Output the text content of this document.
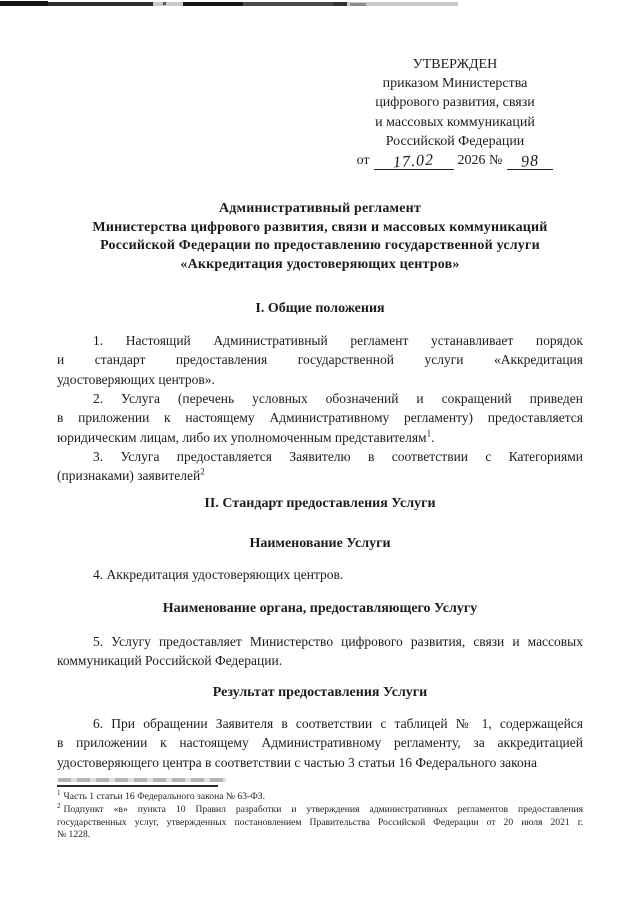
УТВЕРЖДЕН
приказом Министерства
цифрового развития, связи
и массовых коммуникаций
Российской Федерации
от 17.02 2026 № 98
Административный регламент
Министерства цифрового развития, связи и массовых коммуникаций
Российской Федерации по предоставлению государственной услуги
«Аккредитация удостоверяющих центров»
I. Общие положения
1. Настоящий Административный регламент устанавливает порядок
и стандарт предоставления государственной услуги «Аккредитация
удостоверяющих центров».
2. Услуга (перечень условных обозначений и сокращений приведен
в приложении к настоящему Административному регламенту) предоставляется
юридическим лицам, либо их уполномоченным представителям$^1$.
3. Услуга предоставляется Заявителю в соответствии с Категориями
(признаками) заявителей$^2$
II. Стандарт предоставления Услуги
Наименование Услуги
4. Аккредитация удостоверяющих центров.
Наименование органа, предоставляющего Услугу
5. Услугу предоставляет Министерство цифрового развития, связи и массовых
коммуникаций Российской Федерации.
Результат предоставления Услуги
6. При обращении Заявителя в соответствии с таблицей № 1, содержащейся
в приложении к настоящему Административному регламенту, за аккредитацией
удостоверяющего центра в соответствии с частью 3 статьи 16 Федерального закона
$^1$ Часть 1 статьи 16 Федерального закона № 63-ФЗ.
$^2$ Подпункт «в» пункта 10 Правил разработки и утверждения административных регламентов предоставления
государственных услуг, утвержденных постановлением Правительства Российской Федерации от 20 июля 2021 г.
№ 1228.
